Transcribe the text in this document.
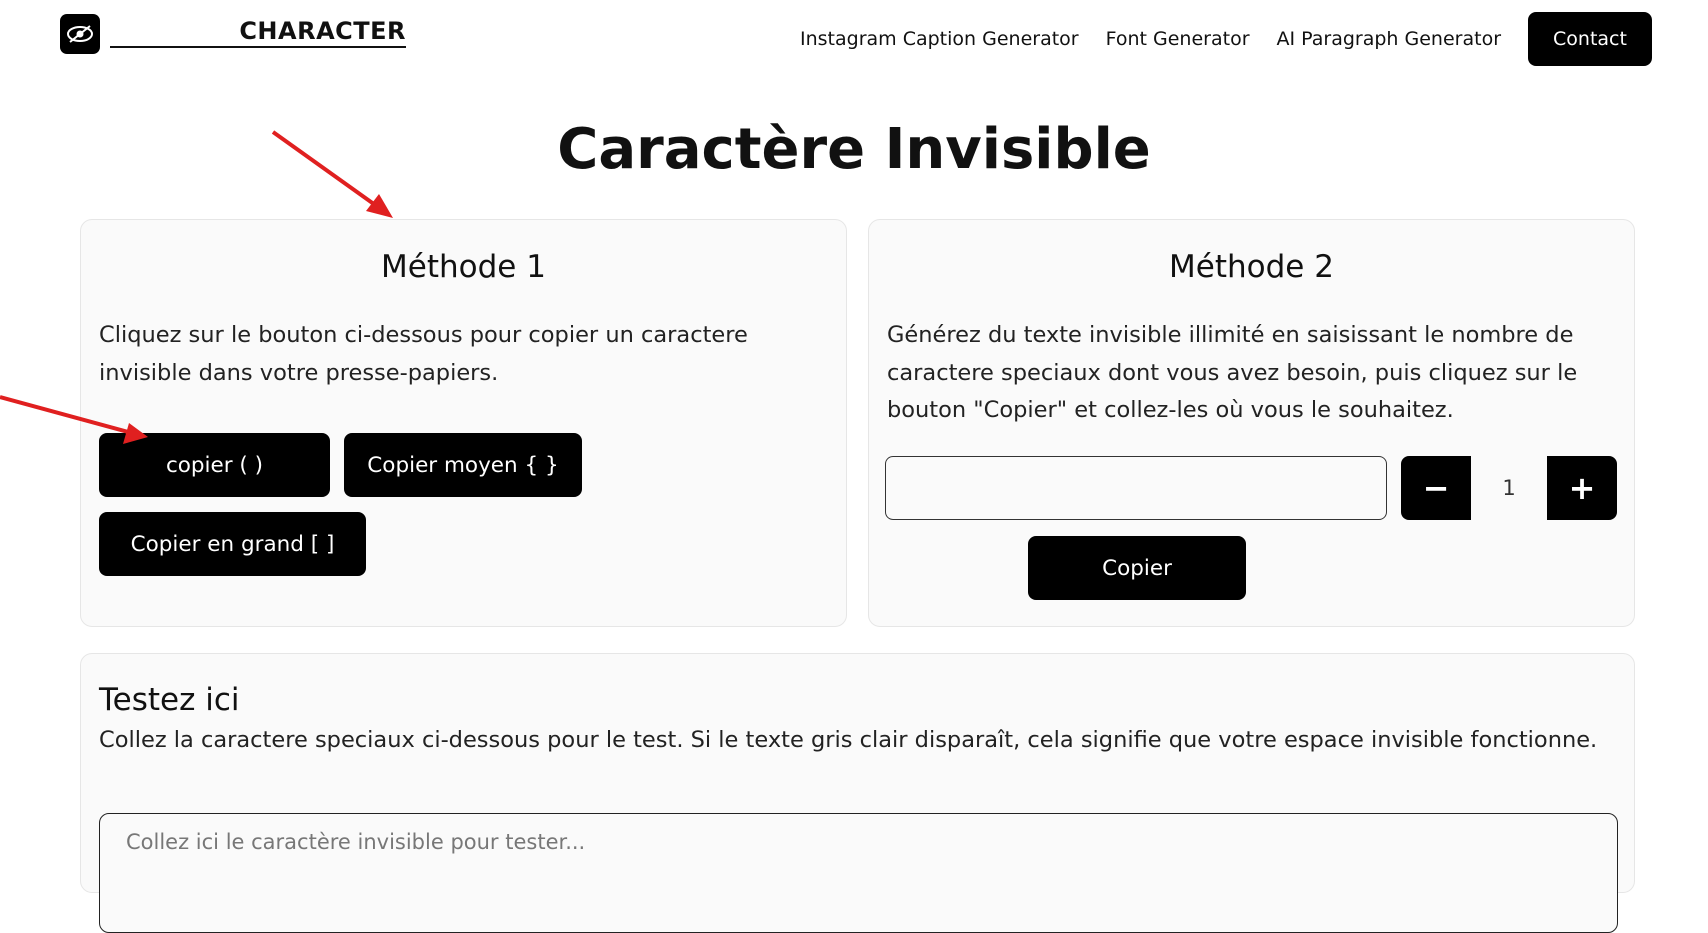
CHARACTER	Instagram Caption Generator Font Generator AI Paragraph Generator	Contact
Caractère Invisible
Méthode 1
Cliquez sur le bouton ci-dessous pour copier un caractere invisible dans votre presse-papiers.
copier ( )	Copier moyen { }
Copier en grand [ ]
Méthode 2
Générez du texte invisible illimité en saisissant le nombre de caractere speciaux dont vous avez besoin, puis cliquez sur le bouton "Copier" et collez-les où vous le souhaitez.
−	1	+
Copier
Testez ici
Collez la caractere speciaux ci-dessous pour le test. Si le texte gris clair disparaît, cela signifie que votre espace invisible fonctionne.
Collez ici le caractère invisible pour tester...
